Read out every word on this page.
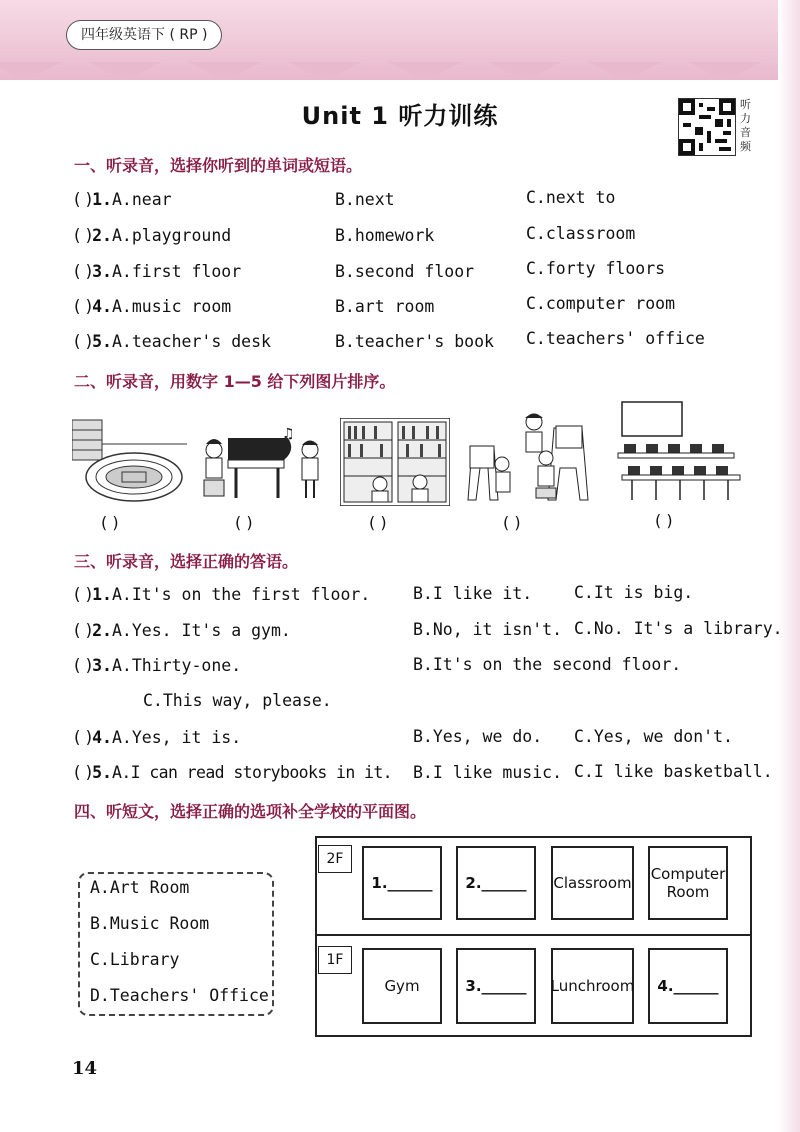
四年级英语下 ( RP )
Unit 1 听力训练	听力音频
一、听录音，选择你听到的单词或短语。
( )1.A.near	B.next	C.next to
( )2.A.playground	B.homework	C.classroom
( )3.A.first floor	B.second floor	C.forty floors
( )4.A.music room	B.art room	C.computer room
( )5.A.teacher's desk	B.teacher's book C.teachers' office
二、听录音，用数字 1—5 给下列图片排序。
( )
♫
( )	( )	( )	( )
三、听录音，选择正确的答语。
( )1.A.It's on the first floor.	B.I like it.	C.It is big.
( )2.A.Yes. It's a gym.	B.No, it isn't. C.No. It's a library.
( )3.A.Thirty-one.	B.It's on the second floor.
C.This way, please.
( )4.A.Yes, it is.	B.Yes, we do. C.Yes, we don't.
( )5.A.I can read storybooks in it. B.I like music. C.I like basketball.
四、听短文，选择正确的选项补全学校的平面图。
A.Art Room
B.Music Room
C.Library
D.Teachers' Office
2F
1.______	2.______	Classroom Computer Room
1F
Gym	3.______	Lunchroom	4.______
14
